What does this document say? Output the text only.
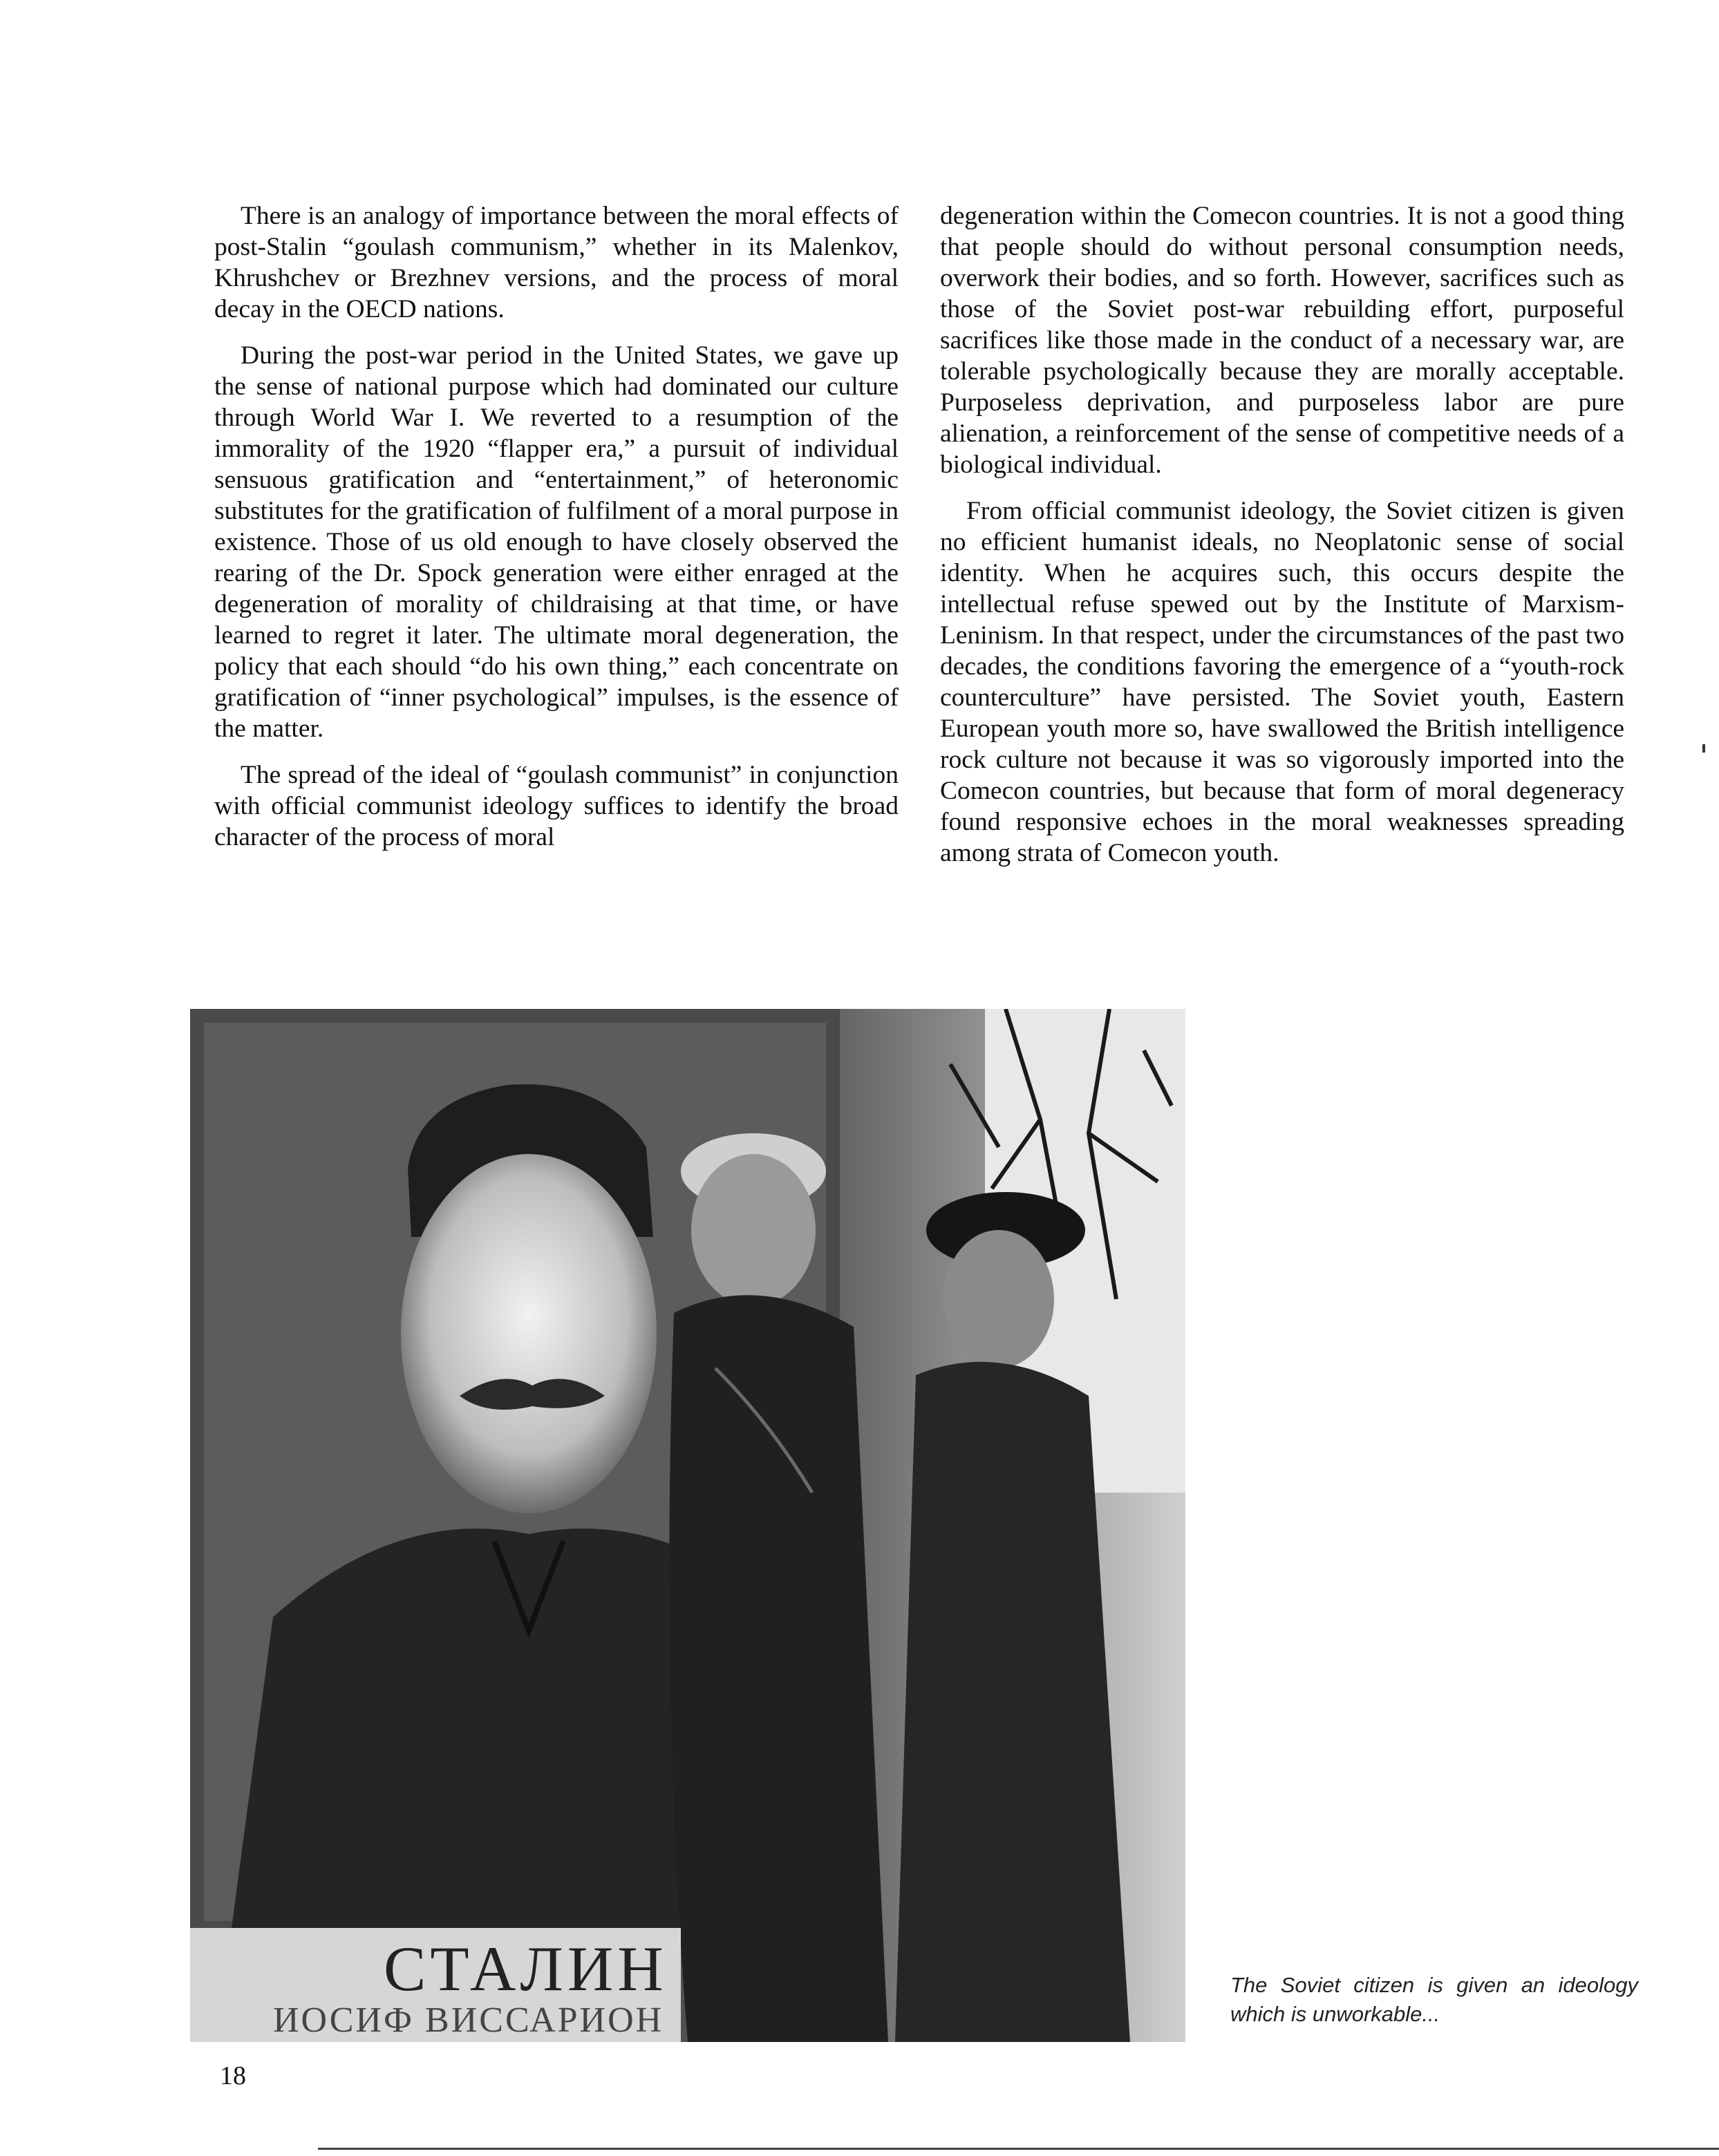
There is an analogy of importance between the moral effects of post-Stalin “goulash communism,” whether in its Malenkov, Khrushchev or Brezhnev versions, and the process of moral decay in the OECD nations.

During the post-war period in the United States, we gave up the sense of national purpose which had dominated our culture through World War I. We reverted to a resumption of the immorality of the 1920 “flapper era,” a pursuit of individual sensuous gratification and “entertainment,” of heteronomic substitutes for the gratification of fulfilment of a moral purpose in existence. Those of us old enough to have closely observed the rearing of the Dr. Spock generation were either enraged at the degeneration of morality of childraising at that time, or have learned to regret it later. The ultimate moral degeneration, the policy that each should “do his own thing,” each concentrate on gratification of “inner psychological” impulses, is the essence of the matter.

The spread of the ideal of “goulash communist” in conjunction with official communist ideology suffices to identify the broad character of the process of moral

degeneration within the Comecon countries. It is not a good thing that people should do without personal consumption needs, overwork their bodies, and so forth. However, sacrifices such as those of the Soviet post-war rebuilding effort, purposeful sacrifices like those made in the conduct of a necessary war, are tolerable psychologically because they are morally acceptable. Purposeless deprivation, and purposeless labor are pure alienation, a reinforcement of the sense of competitive needs of a biological individual.

From official communist ideology, the Soviet citizen is given no efficient humanist ideals, no Neoplatonic sense of social identity. When he acquires such, this occurs despite the intellectual refuse spewed out by the Institute of Marxism-Leninism. In that respect, under the circumstances of the past two decades, the conditions favoring the emergence of a “youth-rock counterculture” have persisted. The Soviet youth, Eastern European youth more so, have swallowed the British intelligence rock culture not because it was so vigorously imported into the Comecon countries, but because that form of moral degeneracy found responsive echoes in the moral weaknesses spreading among strata of Comecon youth.

СТАЛИН
ИОСИФ ВИССАРИОН
The Soviet citizen is given an ideology which is unworkable...
18
